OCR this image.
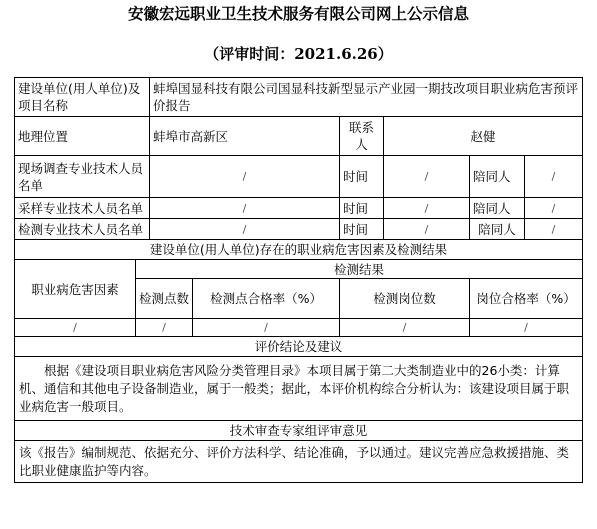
安徽宏远职业卫生技术服务有限公司网上公示信息
（评审时间：2021.6.26）
建设单位(用人单位)及项目名称		蚌埠国显科技有限公司国显科技新型显示产业园一期技改项目职业病危害预评价报告					
地理位置		蚌埠市高新区		联系人	赵健		
现场调查专业技术人员名单		/		时间	/	陪同人	/
采样专业技术人员名单		/		时间	/	陪同人	/
检测专业技术人员名单		/		时间	/	陪同人	/
建设单位(用人单位)存在的职业病危害因素及检测结果							
职业病危害因素	检测结果						
	检测点数		检测点合格率（%）	检测岗位数		岗位合格率（%）	
/	/		/	/		/	
评价结论及建议							
根据《建设项目职业病危害风险分类管理目录》本项目属于第二大类制造业中的26小类：计算机、通信和其他电子设备制造业，属于一般类；据此，本评价机构综合分析认为：该建设项目属于职业病危害一般项目。							
技术审查专家组评审意见							
该《报告》编制规范、依据充分、评价方法科学、结论准确，予以通过。建议完善应急救援措施、类比职业健康监护等内容。							
